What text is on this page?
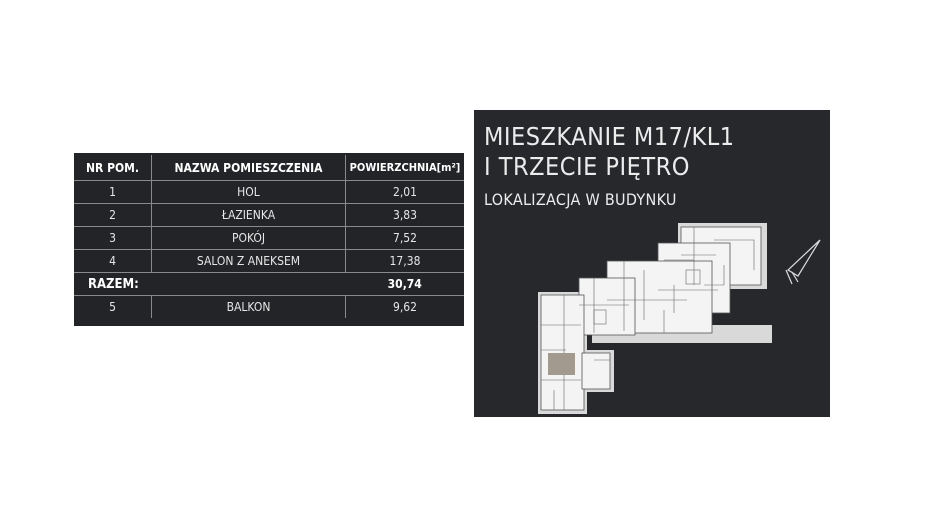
NR POM.	NAZWA POMIESZCZENIA	POWIERZCHNIA[m²]
1	HOL	2,01
2	ŁAZIENKA	3,83
3	POKÓJ	7,52
4	SALON Z ANEKSEM	17,38
RAZEM:		30,74
5	BALKON	9,62
MIESZKANIE M17/KL1
I TRZECIE PIĘTRO
LOKALIZACJA W BUDYNKU
